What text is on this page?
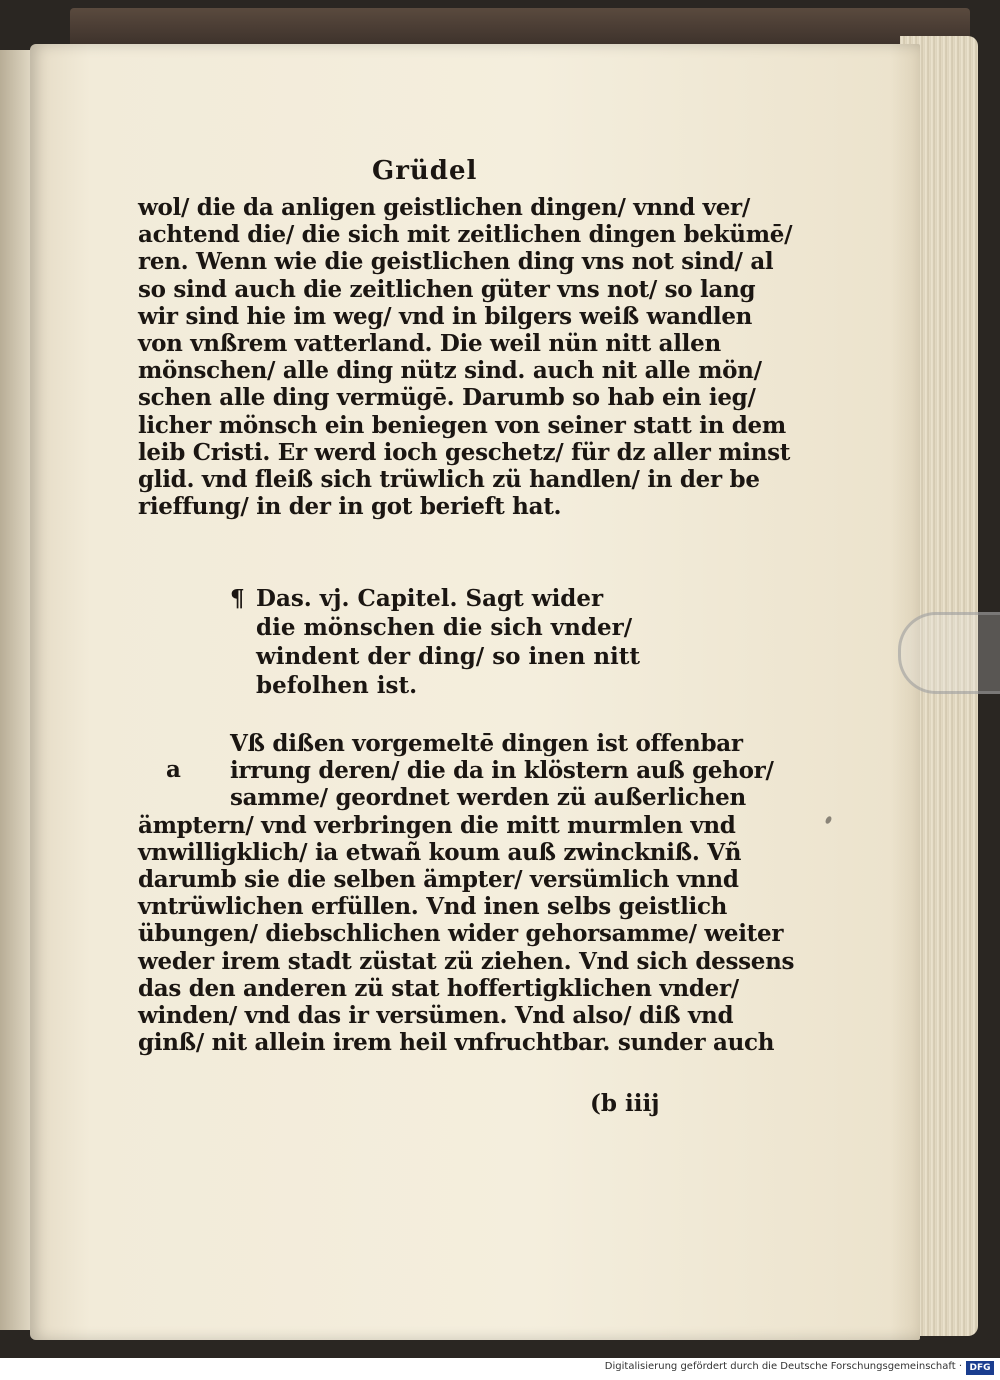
Grüdel
wol/ die da anligen geistlichen dingen/ vnnd ver/
achtend die/ die sich mit zeitlichen dingen bekümē/
ren. Wenn wie die geistlichen ding vns not sind/ al
so sind auch die zeitlichen güter vns not/ so lang
wir sind hie im weg/ vnd in bilgers weiß wandlen
von vnßrem vatterland. Die weil nün nitt allen
mönschen/ alle ding nütz sind. auch nit alle mön/
schen alle ding vermügē. Darumb so hab ein ieg/
licher mönsch ein beniegen von seiner statt in dem
leib Cristi. Er werd ioch geschetz/ für dz aller minst
glid. vnd fleiß sich trüwlich zü handlen/ in der be
rieffung/ in der in got berieft hat.
¶ Das. vj. Capitel. Sagt wider
die mönschen die sich vnder/
windent der ding/ so inen nitt
befolhen ist.
a
Vß dißen vorgemeltē dingen ist offenbar
irrung deren/ die da in klöstern auß gehor/
samme/ geordnet werden zü außerlichen
ämptern/ vnd verbringen die mitt murmlen vnd
vnwilligklich/ ia etwañ koum auß zwinckniß. Vñ
darumb sie die selben ämpter/ versümlich vnnd
vntrüwlichen erfüllen. Vnd inen selbs geistlich
übungen/ diebschlichen wider gehorsamme/ weiter
weder irem stadt züstat zü ziehen. Vnd sich dessens
das den anderen zü stat hoffertigklichen vnder/
winden/ vnd das ir versümen. Vnd also/ diß vnd
ginß/ nit allein irem heil vnfruchtbar. sunder auch
(b iiij
Digitalisierung gefördert durch die Deutsche Forschungsgemeinschaft · DFG
